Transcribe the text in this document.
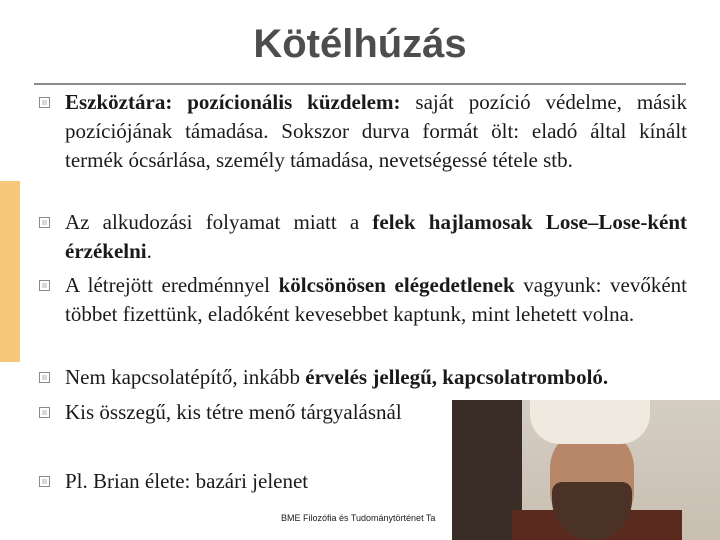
Kötélhúzás
Eszköztára: pozícionális küzdelem: saját pozíció védelme, másik pozíciójának támadása. Sokszor durva formát ölt: eladó által kínált termék ócsárlása, személy támadása, nevetségessé tétele stb.
Az alkudozási folyamat miatt a felek hajlamosak Lose–Lose-ként érzékelni.
A létrejött eredménnyel kölcsönösen elégedetlenek vagyunk: vevőként többet fizettünk, eladóként kevesebbet kaptunk, mint lehetett volna.
Nem kapcsolatépítő, inkább érvelés jellegű, kapcsolatromboló.
Kis összegű, kis tétre menő tárgyalásnál
Pl. Brian élete: bazári jelenet
BME Filozófia és Tudománytörténet Ta
